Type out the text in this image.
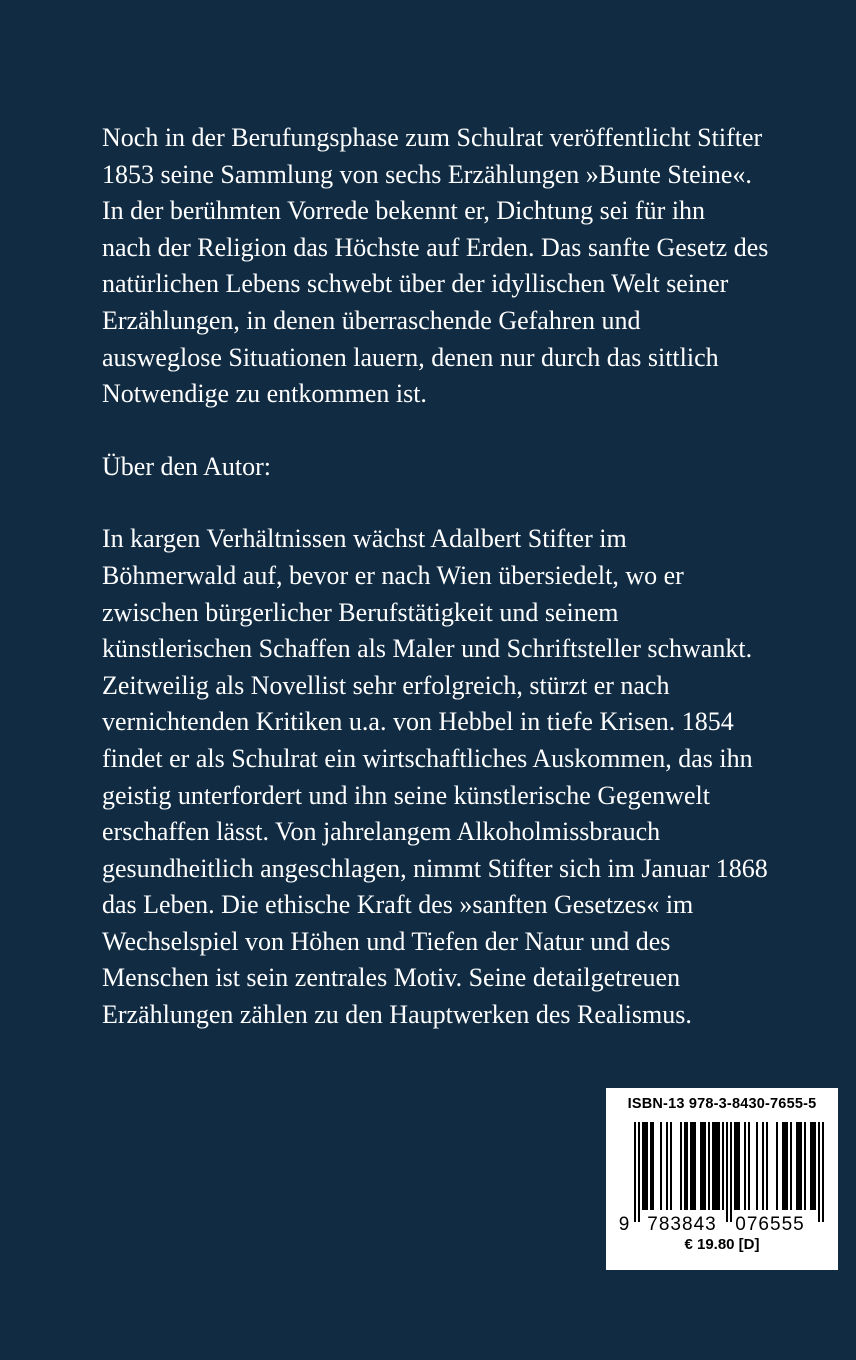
Noch in der Berufungsphase zum Schulrat veröffentlicht Stifter
1853 seine Sammlung von sechs Erzählungen »Bunte Steine«.
In der berühmten Vorrede bekennt er, Dichtung sei für ihn
nach der Religion das Höchste auf Erden. Das sanfte Gesetz des
natürlichen Lebens schwebt über der idyllischen Welt seiner
Erzählungen, in denen überraschende Gefahren und
ausweglose Situationen lauern, denen nur durch das sittlich
Notwendige zu entkommen ist.

Über den Autor:

In kargen Verhältnissen wächst Adalbert Stifter im
Böhmerwald auf, bevor er nach Wien übersiedelt, wo er
zwischen bürgerlicher Berufstätigkeit und seinem
künstlerischen Schaffen als Maler und Schriftsteller schwankt.
Zeitweilig als Novellist sehr erfolgreich, stürzt er nach
vernichtenden Kritiken u.a. von Hebbel in tiefe Krisen. 1854
findet er als Schulrat ein wirtschaftliches Auskommen, das ihn
geistig unterfordert und ihn seine künstlerische Gegenwelt
erschaffen lässt. Von jahrelangem Alkoholmissbrauch
gesundheitlich angeschlagen, nimmt Stifter sich im Januar 1868
das Leben. Die ethische Kraft des »sanften Gesetzes« im
Wechselspiel von Höhen und Tiefen der Natur und des
Menschen ist sein zentrales Motiv. Seine detailgetreuen
Erzählungen zählen zu den Hauptwerken des Realismus.

ISBN-13 978-3-8430-7655-5
9 783843 076555
€ 19.80 [D]
